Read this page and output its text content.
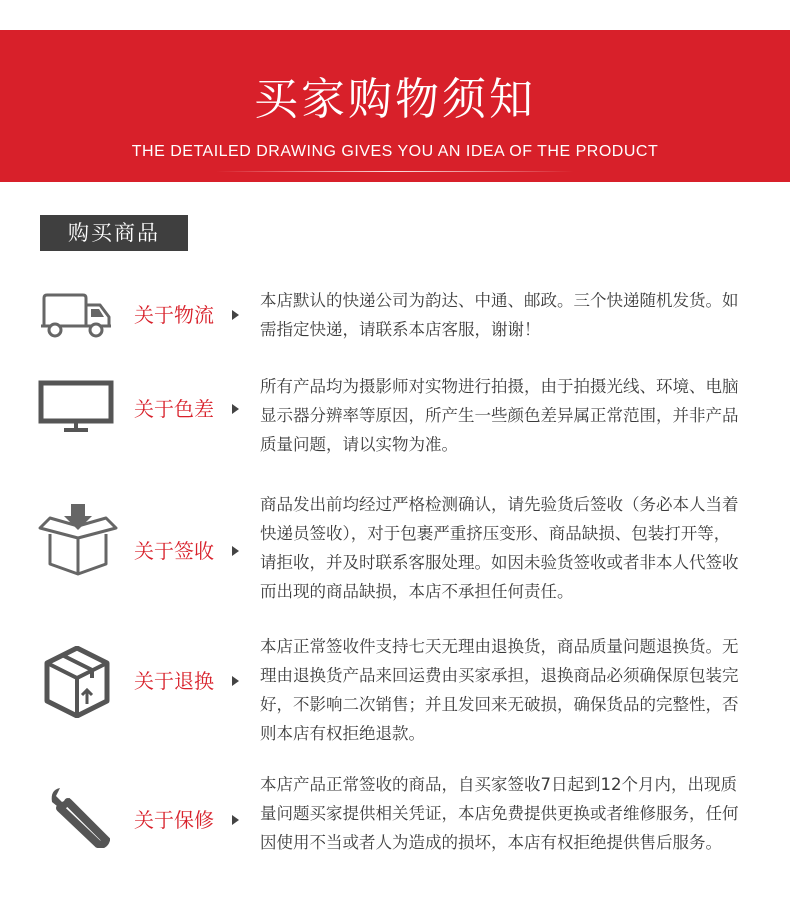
买家购物须知
THE DETAILED DRAWING GIVES YOU AN IDEA OF THE PRODUCT
购买商品
关于物流

本店默认的快递公司为韵达、中通、邮政。三个快递随机发货。如需指定快递，请联系本店客服，谢谢！

关于色差

所有产品均为摄影师对实物进行拍摄，由于拍摄光线、环境、电脑显示器分辨率等原因，所产生一些颜色差异属正常范围，并非产品质量问题，请以实物为准。

关于签收

商品发出前均经过严格检测确认，请先验货后签收（务必本人当着快递员签收），对于包裹严重挤压变形、商品缺损、包装打开等，请拒收，并及时联系客服处理。如因未验货签收或者非本人代签收而出现的商品缺损，本店不承担任何责任。

关于退换

本店正常签收件支持七天无理由退换货，商品质量问题退换货。无理由退换货产品来回运费由买家承担，退换商品必须确保原包装完好，不影响二次销售；并且发回来无破损，确保货品的完整性，否则本店有权拒绝退款。

关于保修

本店产品正常签收的商品，自买家签收7日起到12个月内，出现质量问题买家提供相关凭证，本店免费提供更换或者维修服务，任何因使用不当或者人为造成的损坏，本店有权拒绝提供售后服务。
